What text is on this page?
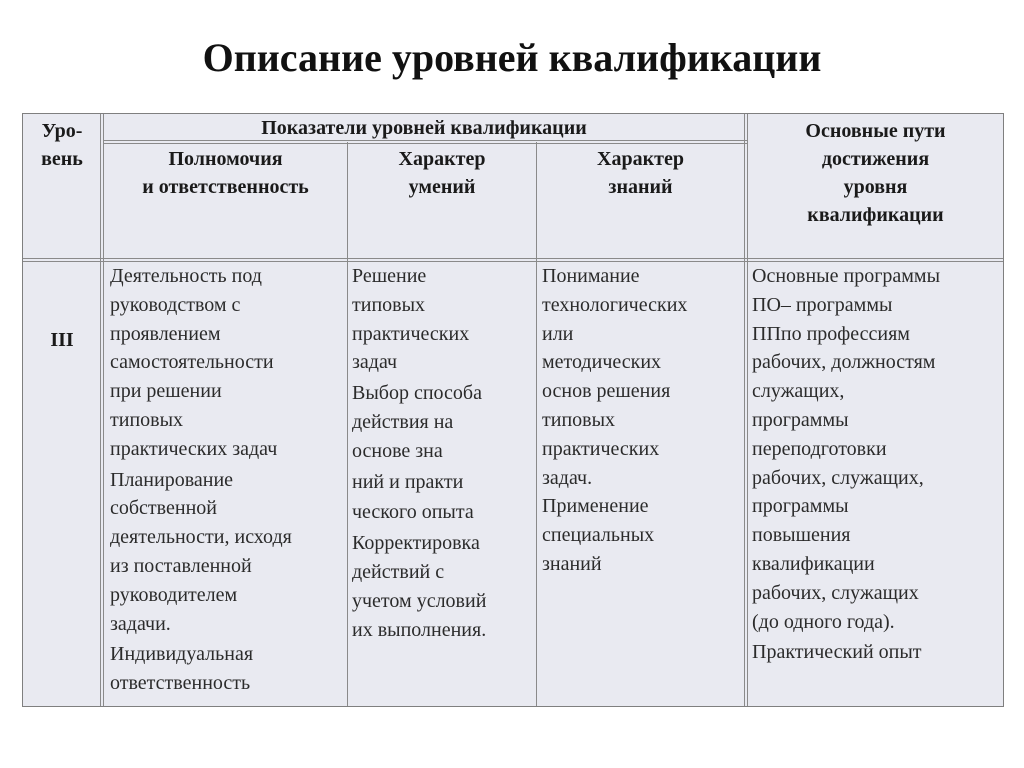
Описание уровней квалификации
Уро-
вень
Показатели уровней квалификации
Полномочия
и ответственность
Характер
умений
Характер
знаний
Основные пути
достижения
уровня
квалификации
III

Деятельность под
руководством с
проявлением
самостоятельности
при решении
типовых
практических задач

Планирование
собственной
деятельности, исходя
из поставленной
руководителем
задачи.

Индивидуальная
ответственность

Решение
типовых
практических
задач

Выбор способа
действия на
основе зна

ний и практи

ческого опыта

Корректировка
действий с
учетом условий
их выполнения.

Понимание
технологических
или
методических
основ решения
типовых
практических
задач.

Применение
специальных
знаний

Основные программы
ПО– программы
ППпо профессиям
рабочих, должностям
служащих,
программы
переподготовки
рабочих, служащих,
программы
повышения
квалификации
рабочих, служащих
(до одного года).

Практический опыт
